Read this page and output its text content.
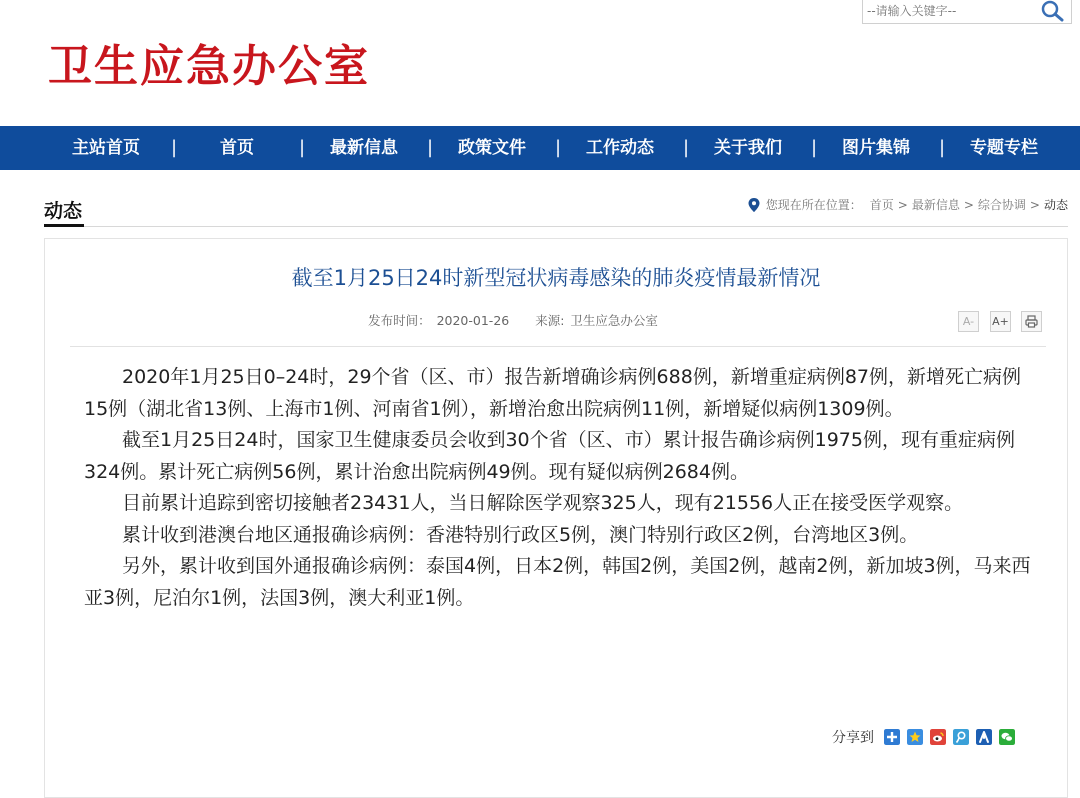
--请输入关键字--
卫生应急办公室
主站首页 |	首页	| 最新信息 | 政策文件 | 工作动态 | 关于我们 | 图片集锦 | 专题专栏
动态	您现在所在位置： 首页 > 最新信息 > 综合协调 > 动态
截至1月25日24时新型冠状病毒感染的肺炎疫情最新情况
发布时间： 2020-01-26 来源: 卫生应急办公室	A-	A+

2020年1月25日0–24时，29个省（区、市）报告新增确诊病例688例，新增重症病例87例，新增死亡病例15例（湖北省13例、上海市1例、河南省1例），新增治愈出院病例11例，新增疑似病例1309例。

截至1月25日24时，国家卫生健康委员会收到30个省（区、市）累计报告确诊病例1975例，现有重症病例324例。累计死亡病例56例，累计治愈出院病例49例。现有疑似病例2684例。

目前累计追踪到密切接触者23431人，当日解除医学观察325人，现有21556人正在接受医学观察。

累计收到港澳台地区通报确诊病例：香港特别行政区5例，澳门特别行政区2例，台湾地区3例。

另外，累计收到国外通报确诊病例：泰国4例，日本2例，韩国2例，美国2例，越南2例，新加坡3例，马来西亚3例，尼泊尔1例，法国3例，澳大利亚1例。

分享到
